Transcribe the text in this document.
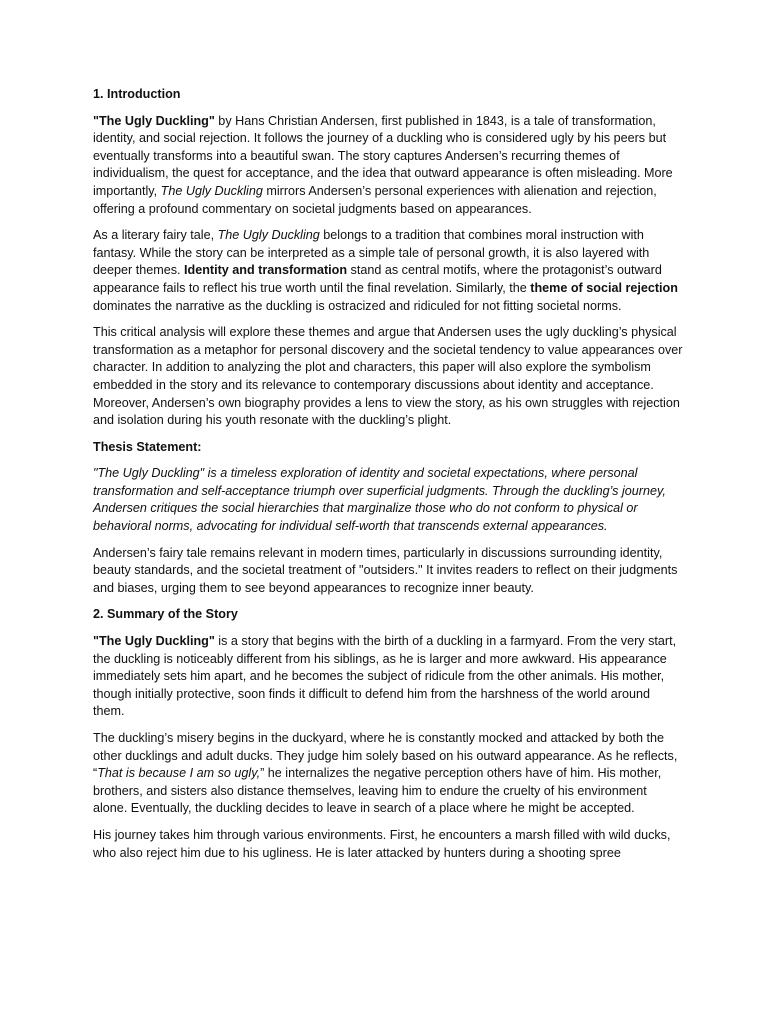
1. Introduction

"The Ugly Duckling" by Hans Christian Andersen, first published in 1843, is a tale of transformation, identity, and social rejection. It follows the journey of a duckling who is considered ugly by his peers but eventually transforms into a beautiful swan. The story captures Andersen’s recurring themes of individualism, the quest for acceptance, and the idea that outward appearance is often misleading. More importantly, The Ugly Duckling mirrors Andersen’s personal experiences with alienation and rejection, offering a profound commentary on societal judgments based on appearances.

As a literary fairy tale, The Ugly Duckling belongs to a tradition that combines moral instruction with fantasy. While the story can be interpreted as a simple tale of personal growth, it is also layered with deeper themes. Identity and transformation stand as central motifs, where the protagonist’s outward appearance fails to reflect his true worth until the final revelation. Similarly, the theme of social rejection dominates the narrative as the duckling is ostracized and ridiculed for not fitting societal norms.

This critical analysis will explore these themes and argue that Andersen uses the ugly duckling’s physical transformation as a metaphor for personal discovery and the societal tendency to value appearances over character. In addition to analyzing the plot and characters, this paper will also explore the symbolism embedded in the story and its relevance to contemporary discussions about identity and acceptance. Moreover, Andersen’s own biography provides a lens to view the story, as his own struggles with rejection and isolation during his youth resonate with the duckling’s plight.

Thesis Statement:

"The Ugly Duckling" is a timeless exploration of identity and societal expectations, where personal transformation and self-acceptance triumph over superficial judgments. Through the duckling’s journey, Andersen critiques the social hierarchies that marginalize those who do not conform to physical or behavioral norms, advocating for individual self-worth that transcends external appearances.

Andersen’s fairy tale remains relevant in modern times, particularly in discussions surrounding identity, beauty standards, and the societal treatment of "outsiders." It invites readers to reflect on their judgments and biases, urging them to see beyond appearances to recognize inner beauty.

2. Summary of the Story

"The Ugly Duckling" is a story that begins with the birth of a duckling in a farmyard. From the very start, the duckling is noticeably different from his siblings, as he is larger and more awkward. His appearance immediately sets him apart, and he becomes the subject of ridicule from the other animals. His mother, though initially protective, soon finds it difficult to defend him from the harshness of the world around them.

The duckling’s misery begins in the duckyard, where he is constantly mocked and attacked by both the other ducklings and adult ducks. They judge him solely based on his outward appearance. As he reflects, “That is because I am so ugly,” he internalizes the negative perception others have of him. His mother, brothers, and sisters also distance themselves, leaving him to endure the cruelty of his environment alone. Eventually, the duckling decides to leave in search of a place where he might be accepted.

His journey takes him through various environments. First, he encounters a marsh filled with wild ducks, who also reject him due to his ugliness. He is later attacked by hunters during a shooting spree
